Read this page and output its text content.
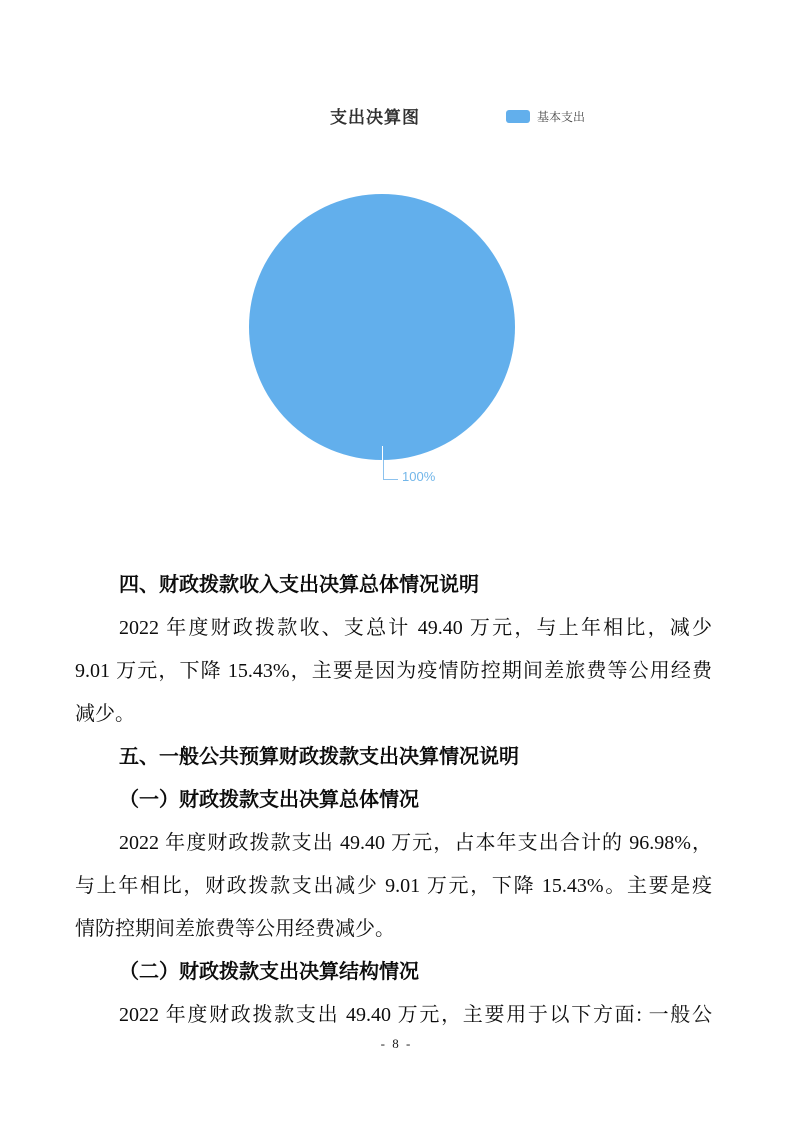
支出决算图	基本支出
100%
四、财政拨款收入支出决算总体情况说明
2022 年度财政拨款收、支总计 49.40 万元，与上年相比，减少
9.01 万元，下降 15.43%，主要是因为疫情防控期间差旅费等公用经费
减少。
五、一般公共预算财政拨款支出决算情况说明
（一）财政拨款支出决算总体情况
2022 年度财政拨款支出 49.40 万元，占本年支出合计的 96.98%，
与上年相比，财政拨款支出减少 9.01 万元，下降 15.43%。主要是疫
情防控期间差旅费等公用经费减少。
（二）财政拨款支出决算结构情况
2022 年度财政拨款支出 49.40 万元，主要用于以下方面: 一般公
- 8 -
